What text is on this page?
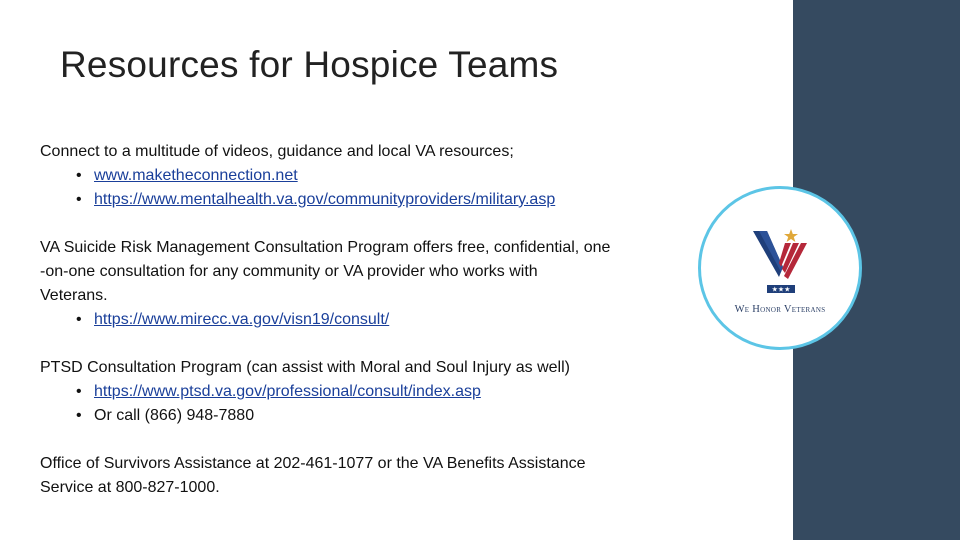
Resources for Hospice Teams

Connect to a multitude of videos, guidance and local VA resources;

• www.maketheconnection.net
• https://www.mentalhealth.va.gov/communityproviders/military.asp

VA Suicide Risk Management Consultation Program offers free, confidential, one
-on-one consultation for any community or VA provider who works with
Veterans.

• https://www.mirecc.va.gov/visn19/consult/

PTSD Consultation Program (can assist with Moral and Soul Injury as well)

• https://www.ptsd.va.gov/professional/consult/index.asp
• Or call (866) 948-7880

Office of Survivors Assistance at 202-461-1077 or the VA Benefits Assistance
Service at 800-827-1000.

★★★
We Honor Veterans
